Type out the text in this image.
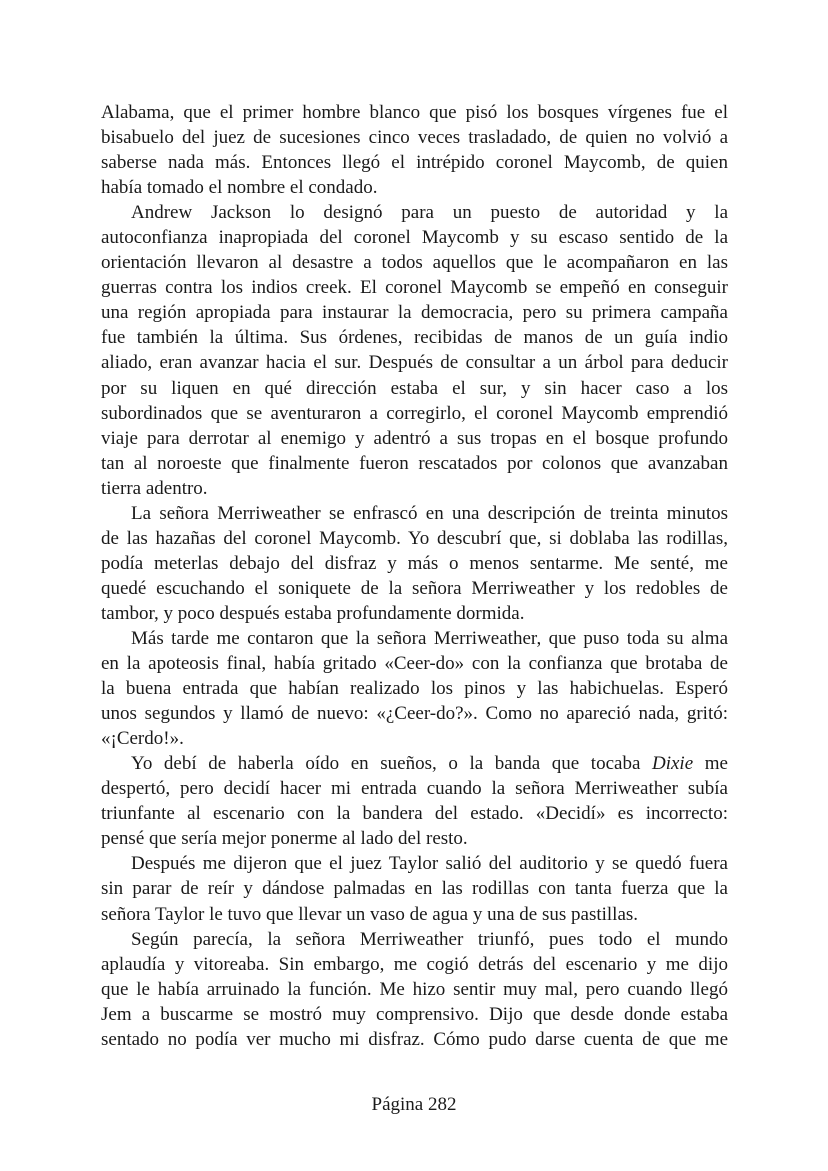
Alabama, que el primer hombre blanco que pisó los bosques vírgenes fue el
bisabuelo del juez de sucesiones cinco veces trasladado, de quien no volvió a
saberse nada más. Entonces llegó el intrépido coronel Maycomb, de quien
había tomado el nombre el condado.
Andrew Jackson lo designó para un puesto de autoridad y la
autoconfianza inapropiada del coronel Maycomb y su escaso sentido de la
orientación llevaron al desastre a todos aquellos que le acompañaron en las
guerras contra los indios creek. El coronel Maycomb se empeñó en conseguir
una región apropiada para instaurar la democracia, pero su primera campaña
fue también la última. Sus órdenes, recibidas de manos de un guía indio
aliado, eran avanzar hacia el sur. Después de consultar a un árbol para deducir
por su liquen en qué dirección estaba el sur, y sin hacer caso a los
subordinados que se aventuraron a corregirlo, el coronel Maycomb emprendió
viaje para derrotar al enemigo y adentró a sus tropas en el bosque profundo
tan al noroeste que finalmente fueron rescatados por colonos que avanzaban
tierra adentro.
La señora Merriweather se enfrascó en una descripción de treinta minutos
de las hazañas del coronel Maycomb. Yo descubrí que, si doblaba las rodillas,
podía meterlas debajo del disfraz y más o menos sentarme. Me senté, me
quedé escuchando el soniquete de la señora Merriweather y los redobles de
tambor, y poco después estaba profundamente dormida.
Más tarde me contaron que la señora Merriweather, que puso toda su alma
en la apoteosis final, había gritado «Ceer-do» con la confianza que brotaba de
la buena entrada que habían realizado los pinos y las habichuelas. Esperó
unos segundos y llamó de nuevo: «¿Ceer-do?». Como no apareció nada, gritó:
«¡Cerdo!».
Yo debí de haberla oído en sueños, o la banda que tocaba Dixie me
despertó, pero decidí hacer mi entrada cuando la señora Merriweather subía
triunfante al escenario con la bandera del estado. «Decidí» es incorrecto:
pensé que sería mejor ponerme al lado del resto.
Después me dijeron que el juez Taylor salió del auditorio y se quedó fuera
sin parar de reír y dándose palmadas en las rodillas con tanta fuerza que la
señora Taylor le tuvo que llevar un vaso de agua y una de sus pastillas.
Según parecía, la señora Merriweather triunfó, pues todo el mundo
aplaudía y vitoreaba. Sin embargo, me cogió detrás del escenario y me dijo
que le había arruinado la función. Me hizo sentir muy mal, pero cuando llegó
Jem a buscarme se mostró muy comprensivo. Dijo que desde donde estaba
sentado no podía ver mucho mi disfraz. Cómo pudo darse cuenta de que me
Página 282
